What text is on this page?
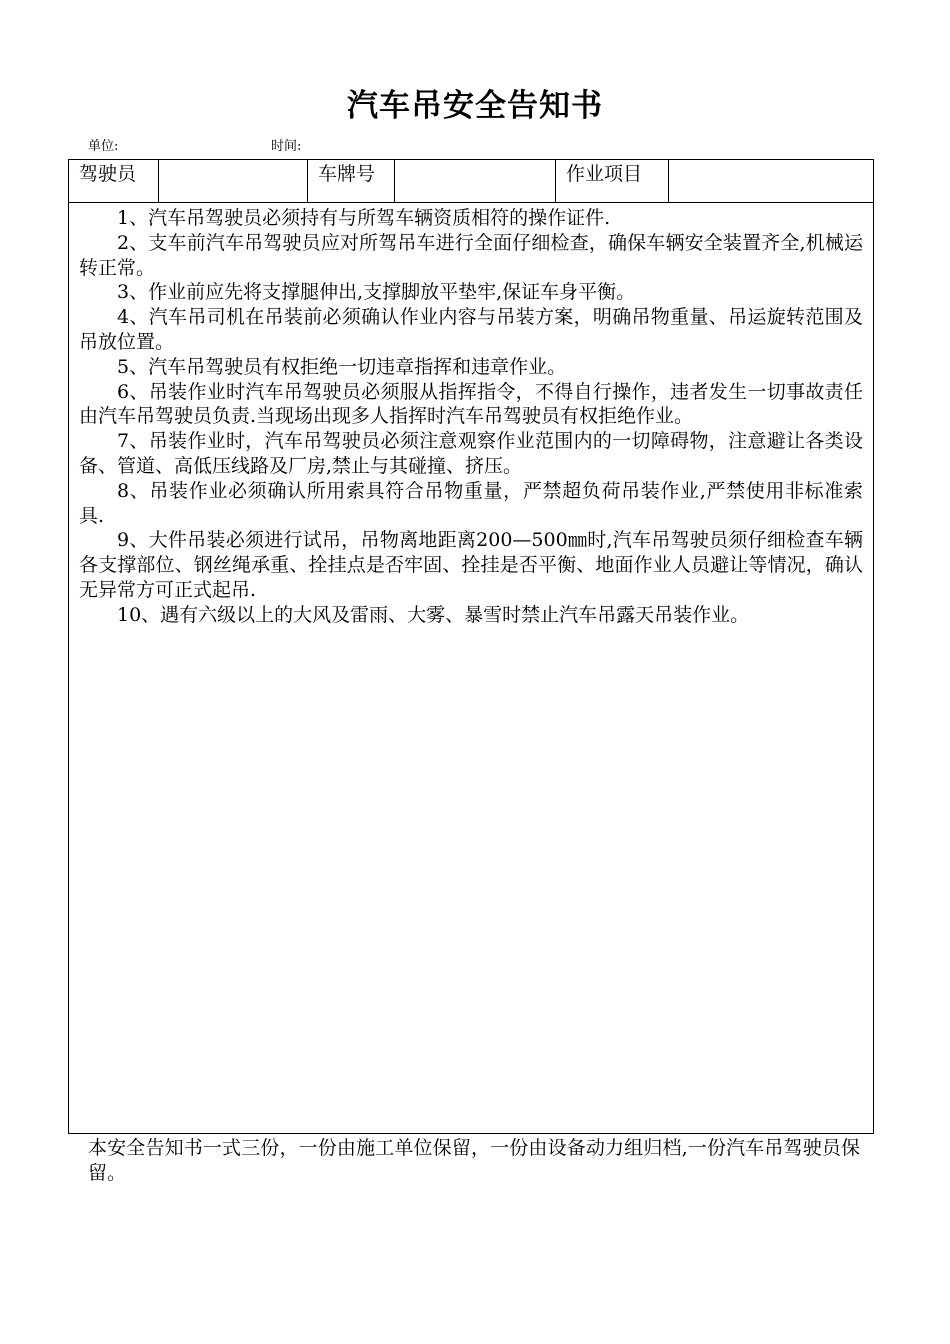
汽车吊安全告知书
单位:	时间:
驾驶员	车牌号	作业项目
1、汽车吊驾驶员必须持有与所驾车辆资质相符的操作证件.
2、支车前汽车吊驾驶员应对所驾吊车进行全面仔细检查，确保车辆安全装置齐全,机械运转正常。
3、作业前应先将支撑腿伸出,支撑脚放平垫牢,保证车身平衡。
4、汽车吊司机在吊装前必须确认作业内容与吊装方案，明确吊物重量、吊运旋转范围及吊放位置。
5、汽车吊驾驶员有权拒绝一切违章指挥和违章作业。
6、吊装作业时汽车吊驾驶员必须服从指挥指令，不得自行操作，违者发生一切事故责任由汽车吊驾驶员负责.当现场出现多人指挥时汽车吊驾驶员有权拒绝作业。
7、吊装作业时，汽车吊驾驶员必须注意观察作业范围内的一切障碍物，注意避让各类设备、管道、高低压线路及厂房,禁止与其碰撞、挤压。
8、吊装作业必须确认所用索具符合吊物重量，严禁超负荷吊装作业,严禁使用非标准索具.
9、大件吊装必须进行试吊，吊物离地距离200—500㎜时,汽车吊驾驶员须仔细检查车辆各支撑部位、钢丝绳承重、拴挂点是否牢固、拴挂是否平衡、地面作业人员避让等情况，确认无异常方可正式起吊.
10、遇有六级以上的大风及雷雨、大雾、暴雪时禁止汽车吊露天吊装作业。
本安全告知书一式三份，一份由施工单位保留，一份由设备动力组归档,一份汽车吊驾驶员保留。
